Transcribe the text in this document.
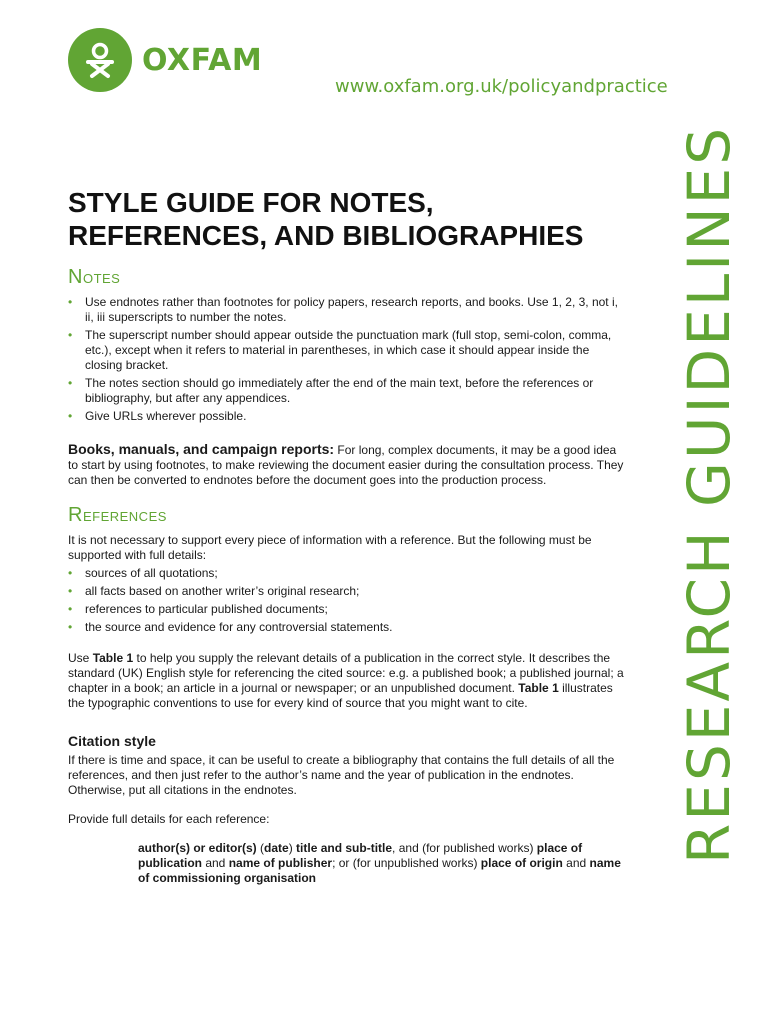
OXFAM
www.oxfam.org.uk/policyandpractice
RESEARCH GUIDELINES
STYLE GUIDE FOR NOTES,
REFERENCES, AND BIBLIOGRAPHIES
Notes
• Use endnotes rather than footnotes for policy papers, research reports, and books. Use 1, 2, 3, not i, ii, iii superscripts to number the notes.
• The superscript number should appear outside the punctuation mark (full stop, semi-colon, comma, etc.), except when it refers to material in parentheses, in which case it should appear inside the closing bracket.
• The notes section should go immediately after the end of the main text, before the references or bibliography, but after any appendices.
• Give URLs wherever possible.

Books, manuals, and campaign reports: For long, complex documents, it may be a good idea to start by using footnotes, to make reviewing the document easier during the consultation process. They can then be converted to endnotes before the document goes into the production process.

References

It is not necessary to support every piece of information with a reference. But the following must be supported with full details:

• sources of all quotations;
• all facts based on another writer’s original research;
• references to particular published documents;
• the source and evidence for any controversial statements.

Use Table 1 to help you supply the relevant details of a publication in the correct style. It describes the standard (UK) English style for referencing the cited source: e.g. a published book; a published journal; a chapter in a book; an article in a journal or newspaper; or an unpublished document. Table 1 illustrates the typographic conventions to use for every kind of source that you might want to cite.

Citation style

If there is time and space, it can be useful to create a bibliography that contains the full details of all the references, and then just refer to the author’s name and the year of publication in the endnotes. Otherwise, put all citations in the endnotes.

Provide full details for each reference:

author(s) or editor(s) (date) title and sub-title, and (for published works) place of publication and name of publisher; or (for unpublished works) place of origin and name of commissioning organisation
